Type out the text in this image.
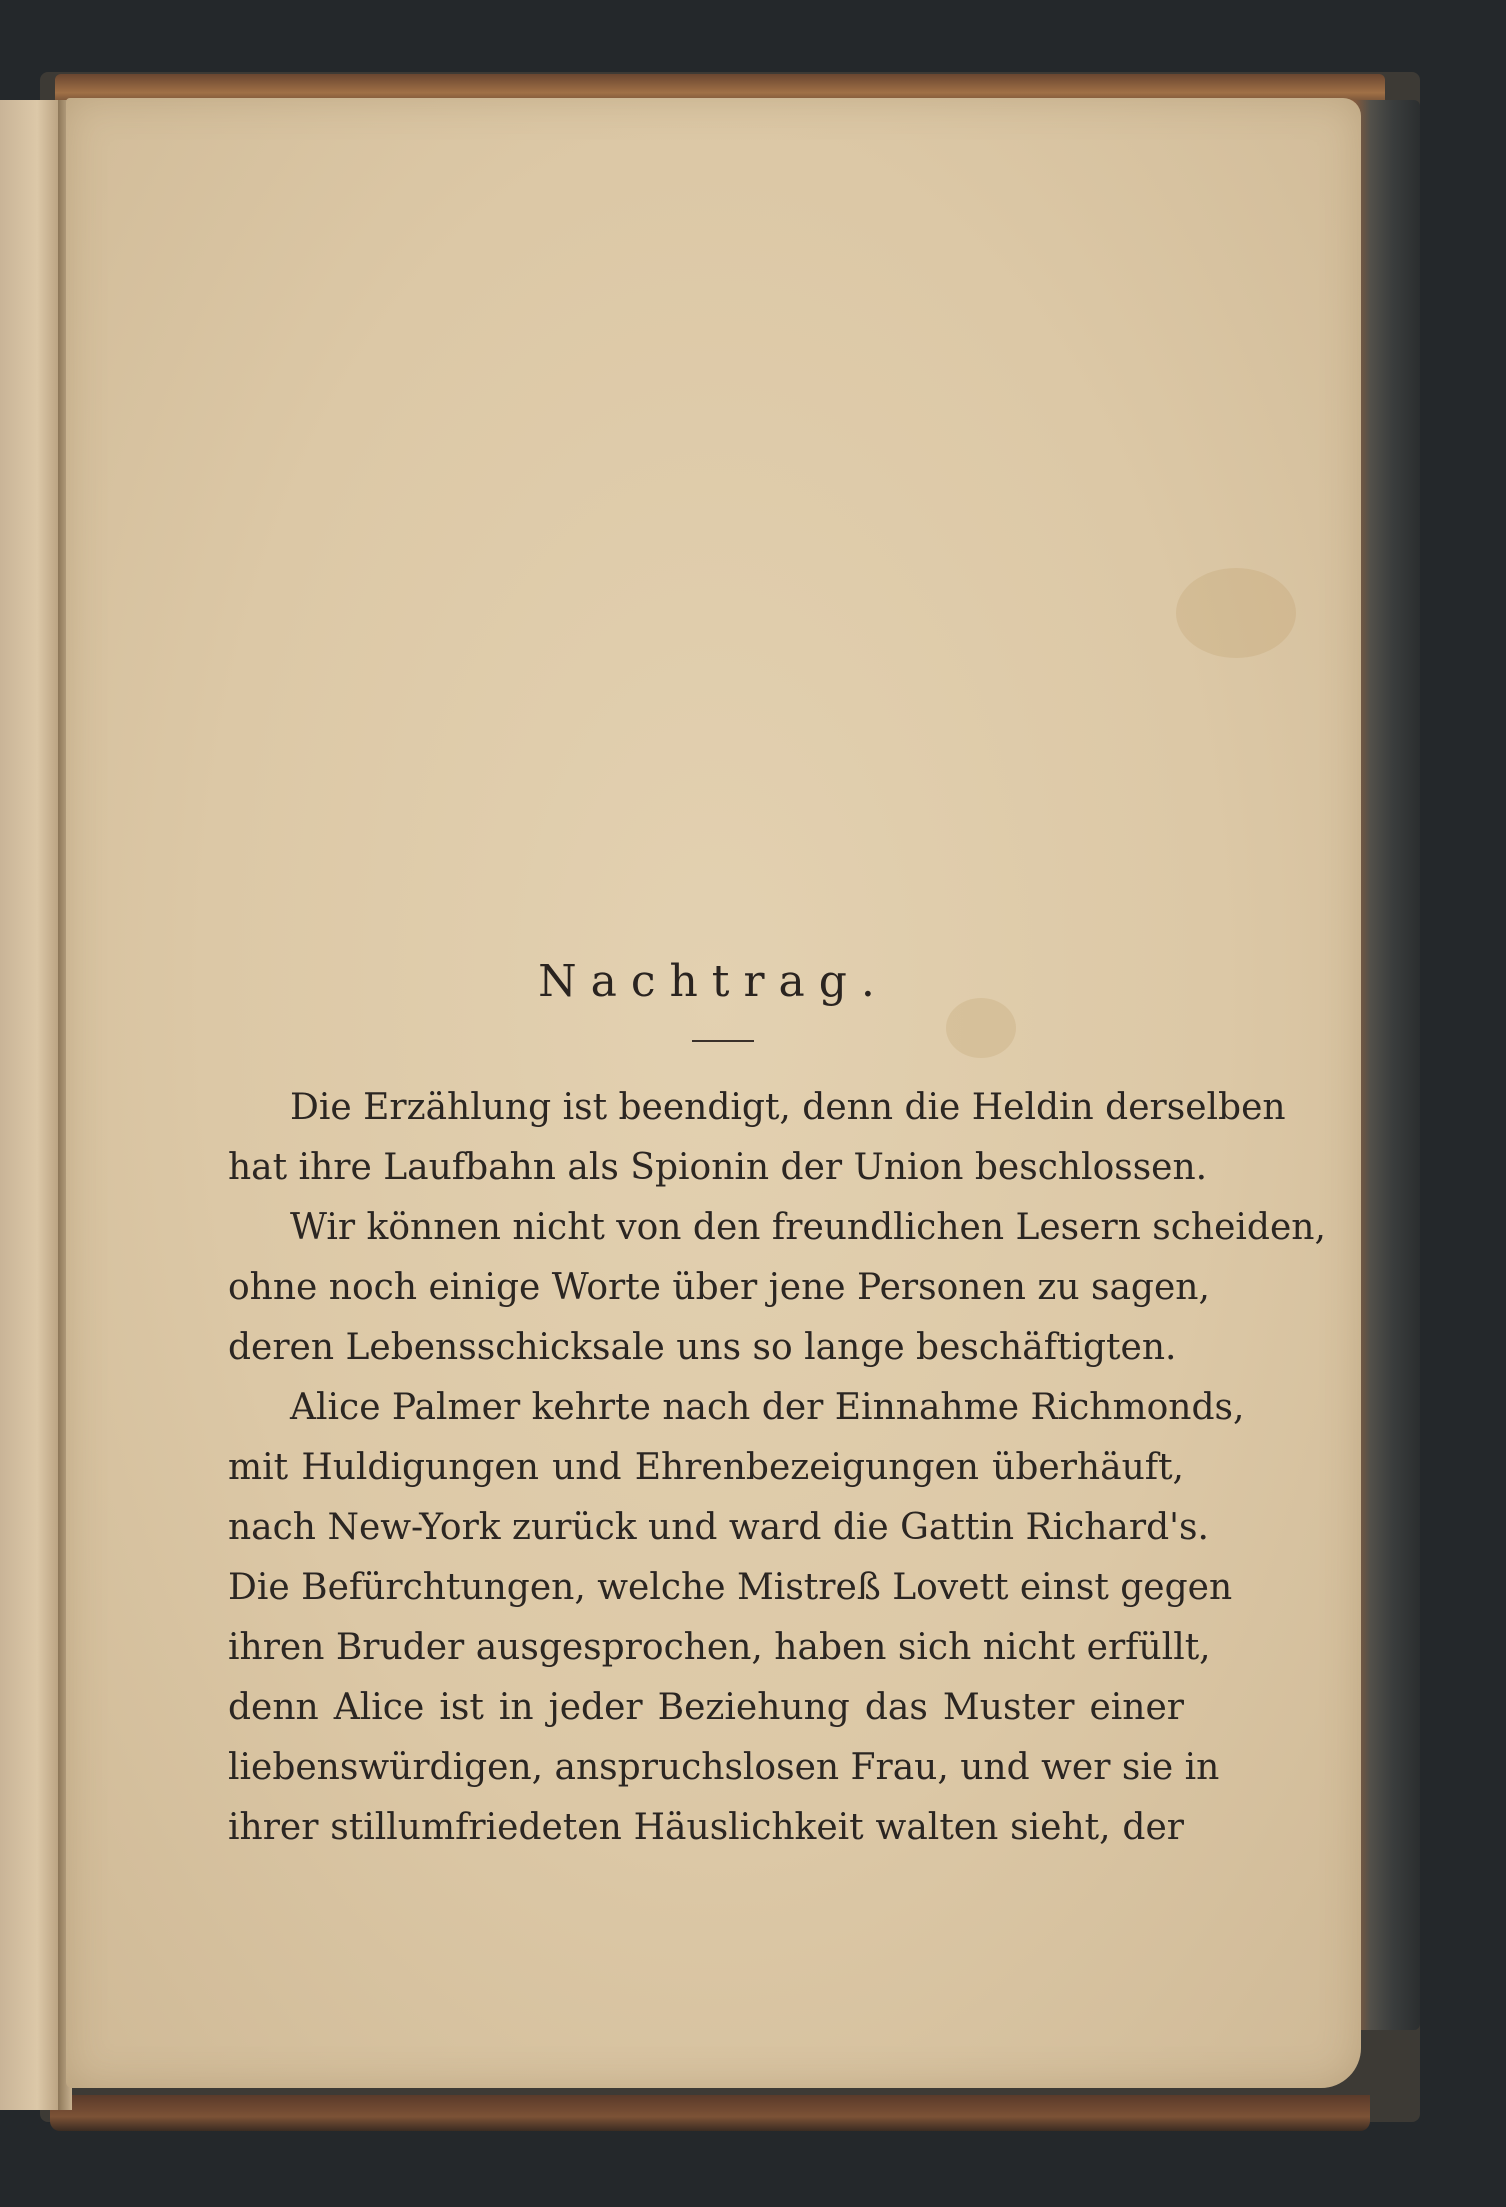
Nachtrag.
Die Erzählung ist beendigt, denn die Heldin derselben
hat ihre Laufbahn als Spionin der Union beschlossen.
Wir können nicht von den freundlichen Lesern scheiden,
ohne noch einige Worte über jene Personen zu sagen,
deren Lebensschicksale uns so lange beschäftigten.
Alice Palmer kehrte nach der Einnahme Richmonds,
mit Huldigungen und Ehrenbezeigungen überhäuft,
nach New-York zurück und ward die Gattin Richard's.
Die Befürchtungen, welche Mistreß Lovett einst gegen
ihren Bruder ausgesprochen, haben sich nicht erfüllt,
denn Alice ist in jeder Beziehung das Muster einer
liebenswürdigen, anspruchslosen Frau, und wer sie in
ihrer stillumfriedeten Häuslichkeit walten sieht, der
